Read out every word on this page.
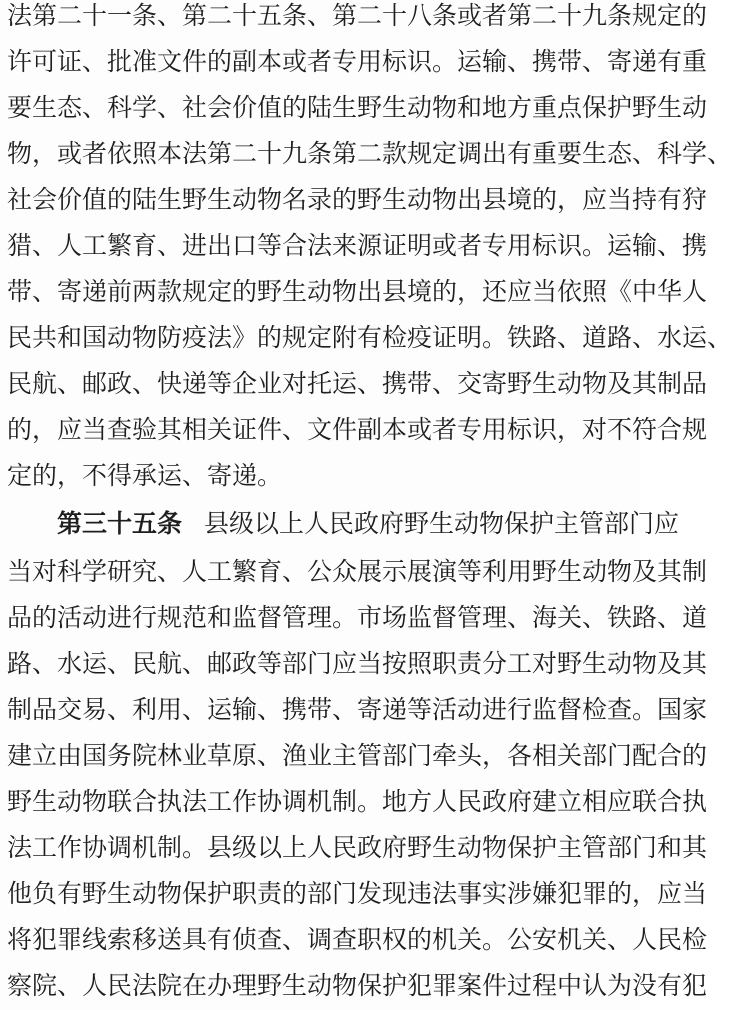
法第二十一条、第二十五条、第二十八条或者第二十九条规定的
许可证、批准文件的副本或者专用标识。运输、携带、寄递有重
要生态、科学、社会价值的陆生野生动物和地方重点保护野生动
物，或者依照本法第二十九条第二款规定调出有重要生态、科学、
社会价值的陆生野生动物名录的野生动物出县境的，应当持有狩
猎、人工繁育、进出口等合法来源证明或者专用标识。运输、携
带、寄递前两款规定的野生动物出县境的，还应当依照《中华人
民共和国动物防疫法》的规定附有检疫证明。铁路、道路、水运、
民航、邮政、快递等企业对托运、携带、交寄野生动物及其制品
的，应当查验其相关证件、文件副本或者专用标识，对不符合规
定的，不得承运、寄递。
第三十五条 县级以上人民政府野生动物保护主管部门应
当对科学研究、人工繁育、公众展示展演等利用野生动物及其制
品的活动进行规范和监督管理。市场监督管理、海关、铁路、道
路、水运、民航、邮政等部门应当按照职责分工对野生动物及其
制品交易、利用、运输、携带、寄递等活动进行监督检查。国家
建立由国务院林业草原、渔业主管部门牵头，各相关部门配合的
野生动物联合执法工作协调机制。地方人民政府建立相应联合执
法工作协调机制。县级以上人民政府野生动物保护主管部门和其
他负有野生动物保护职责的部门发现违法事实涉嫌犯罪的，应当
将犯罪线索移送具有侦查、调查职权的机关。公安机关、人民检
察院、人民法院在办理野生动物保护犯罪案件过程中认为没有犯
